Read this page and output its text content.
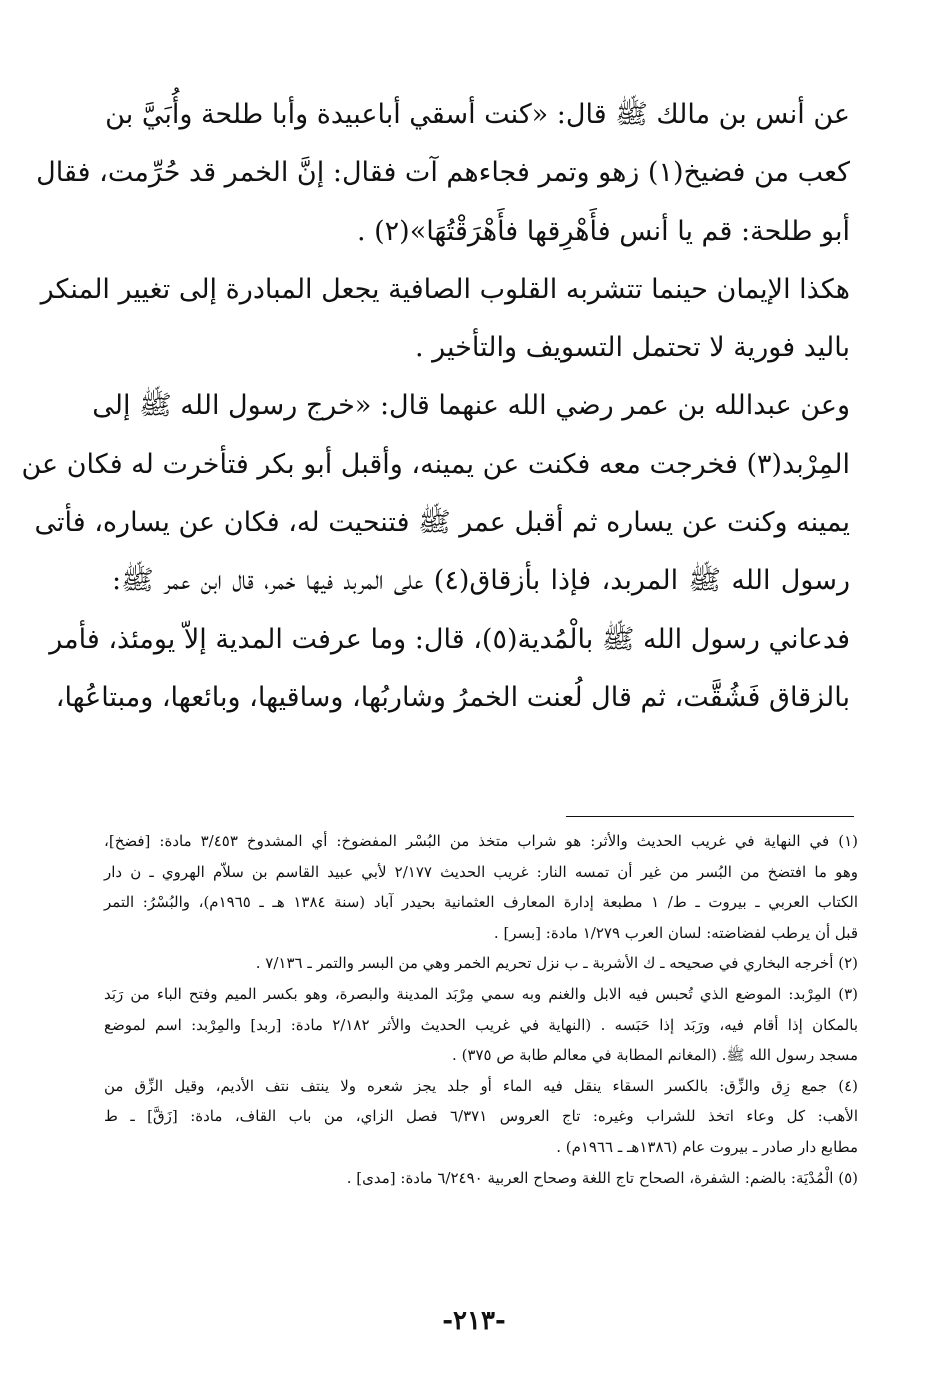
عن أنس بن مالك ﷺ قال: «كنت أسقي أباعبيدة وأبا طلحة وأُبَيَّ بن
كعب من فضيخ(١) زهو وتمر فجاءهم آت فقال: إنَّ الخمر قد حُرِّمت، فقال
أبو طلحة: قم يا أنس فأَهْرِقها فأَهْرَقْتُهَا»(٢) .
هكذا الإيمان حينما تتشربه القلوب الصافية يجعل المبادرة إلى تغيير المنكر
باليد فورية لا تحتمل التسويف والتأخير .
وعن عبدالله بن عمر رضي الله عنهما قال: «خرج رسول الله ﷺ إلى
المِرْبد(٣) فخرجت معه فكنت عن يمينه، وأقبل أبو بكر فتأخرت له فكان عن
يمينه وكنت عن يساره ثم أقبل عمر ﷺ فتنحيت له، فكان عن يساره، فأتى
رسول الله ﷺ المربد، فإذا بأزقاق(٤) على المربد فيها خمر، قال ابن عمر ﷺ:
فدعاني رسول الله ﷺ بالْمُدية(٥)، قال: وما عرفت المدية إلاّ يومئذ، فأمر
بالزقاق فَشُقَّت، ثم قال لُعنت الخمرُ وشاربُها، وساقيها، وبائعها، ومبتاعُها،
(١) في النهاية في غريب الحديث والأثر: هو شراب متخذ من البُسْر المفضوخ: أي المشدوخ ٣/٤٥٣ مادة: [فضخ]،
وهو ما افتضخ من البُسر من غير أن تمسه النار: غريب الحديث ٢/١٧٧ لأبي عبيد القاسم بن سلاّم الهروي ـ ن دار
الكتاب العربي ـ بيروت ـ ط/ ١ مطبعة إدارة المعارف العثمانية بحيدر آباد (سنة ١٣٨٤ هـ ـ ١٩٦٥م)، والبُسْرُ: التمر
قبل أن يرطب لفضاضته: لسان العرب ١/٢٧٩ مادة: [بسر] .
(٢) أخرجه البخاري في صحيحه ـ ك الأشربة ـ ب نزل تحريم الخمر وهي من البسر والتمر ـ ٧/١٣٦ .
(٣) المِرْبد: الموضع الذي تُحبس فيه الابل والغنم وبه سمي مِرْبَد المدينة والبصرة، وهو بكسر الميم وفتح الباء من رَبَد
بالمكان إذا أقام فيه، ورَبَد إذا حَبَسه . (النهاية في غريب الحديث والأثر ٢/١٨٢ مادة: [ربد] والمِرْبد: اسم لموضع
مسجد رسول الله ﷺ. (المغانم المطابة في معالم طابة ص ٣٧٥) .
(٤) جمع زِق والزِّق: بالكسر السقاء ينقل فيه الماء أو جلد يجز شعره ولا ينتف نتف الأديم، وقيل الزِّق من
الأهب: كل وعاء اتخذ للشراب وغيره: تاج العروس ٦/٣٧١ فصل الزاي، من باب القاف، مادة: [زَقَّ] ـ ط
مطابع دار صادر ـ بيروت عام (١٣٨٦هـ ـ ١٩٦٦م) .
(٥) الْمُدْيَة: بالضم: الشفرة، الصحاح تاج اللغة وصحاح العربية ٦/٢٤٩٠ مادة: [مدى] .
-٢١٣-
